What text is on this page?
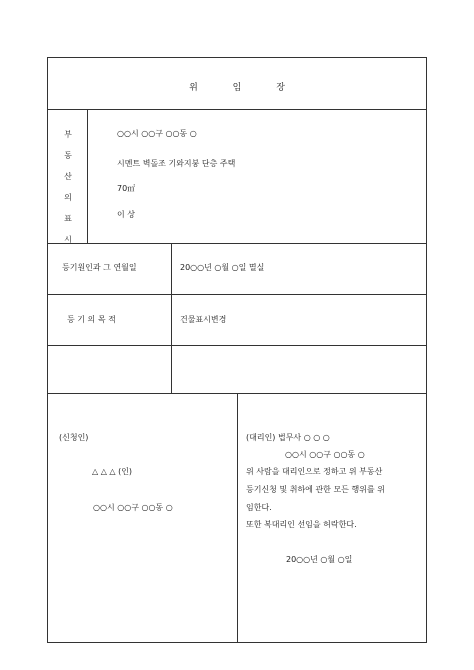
위	임	장
부
동
산
의
표
시
○○시 ○○구 ○○동 ○
시멘트 벽돌조 기와지붕 단층 주택
70㎡
이 상
등기원인과 그 연월일	20○○년 ○월 ○일 멸실
등 기 의 목 적	건물표시변경
(신청인)
△ △ △ (인)
○○시 ○○구 ○○동 ○
(대리인) 법무사 ○ ○ ○
○○시 ○○구 ○○동 ○
위 사람을 대리인으로 정하고 위 부동산
등기신청 및 취하에 관한 모든 행위를 위
임한다.
또한 복대리인 선임을 허락한다.
20○○년 ○월 ○일
